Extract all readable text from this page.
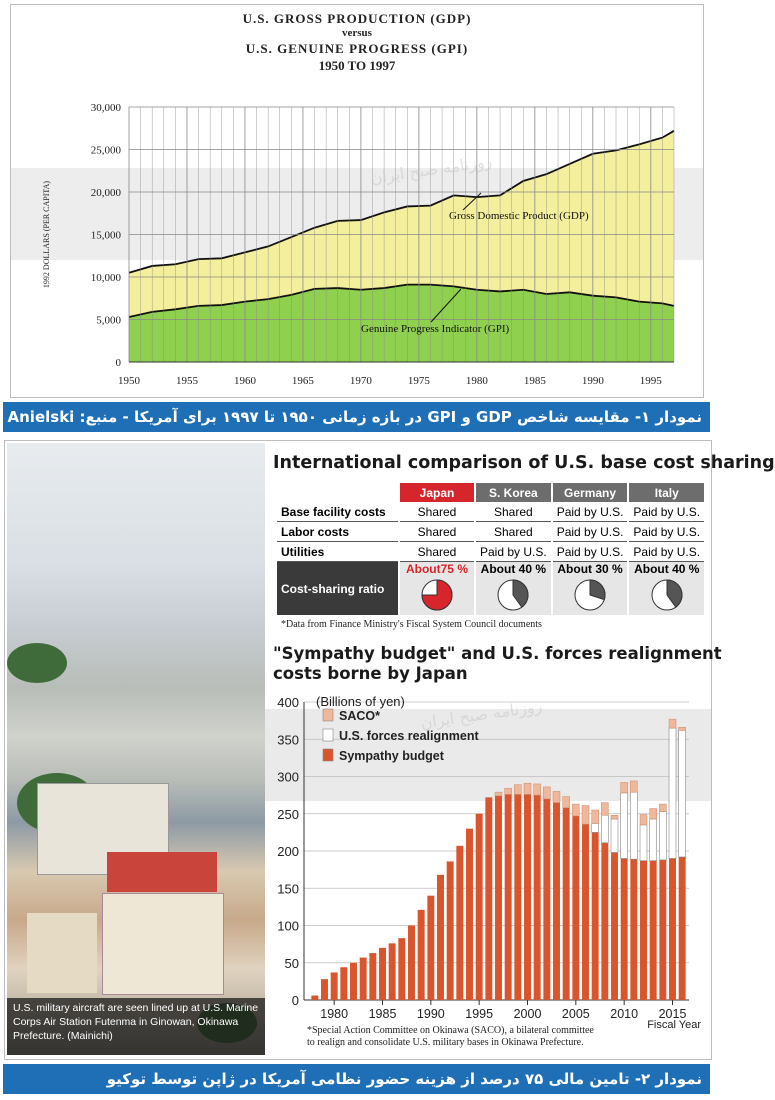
U.S. GROSS PRODUCTION (GDP)
versus
U.S. GENUINE PROGRESS (GPI)
1950 TO 1997
0
5,000
10,000
15,000
20,000
25,000
30,000
1950	1955	1960	1965	1970	1975	1980	1985	1990	1995
1992 DOLLARS (PER CAPITA)	Gross Domestic Product (GDP)
Genuine Progress Indicator (GPI)
نمودار ۱- مقایسه شاخص GDP و GPI در بازه زمانی ۱۹۵۰ تا ۱۹۹۷ برای آمریکا - منبع: Anielski
U.S. military aircraft are seen lined up at U.S. Marine Corps Air Station Futenma in Ginowan, Okinawa Prefecture. (Mainichi)
International comparison of U.S. base cost sharing
	Japan	S. Korea	Germany	Italy
Base facility costs	Shared	Shared	Paid by U.S.	Paid by U.S.
Labor costs	Shared	Shared	Paid by U.S.	Paid by U.S.
Utilities	Shared	Paid by U.S.	Paid by U.S.	Paid by U.S.
Cost-sharing ratio	About75 %	About 40 %	About 30 %	About 40 %
*Data from Finance Ministry's Fiscal System Council documents
"Sympathy budget" and U.S. forces realignment
costs borne by Japan
0
50
100
150
200
250
300
350
400 (Billions of yen)
1980 1985 1990 1995 2000 2005 2010 2015
Fiscal Year
SACO*
U.S. forces realignment
Sympathy budget
*Special Action Committee on Okinawa (SACO), a bilateral committee
to realign and consolidate U.S. military bases in Okinawa Prefecture.
نمودار ۲- تامین مالی ۷۵ درصد از هزینه حضور نظامی آمریکا در ژاپن توسط توکیو
روزنامه صبح ایران
روزنامه صبح ایران
